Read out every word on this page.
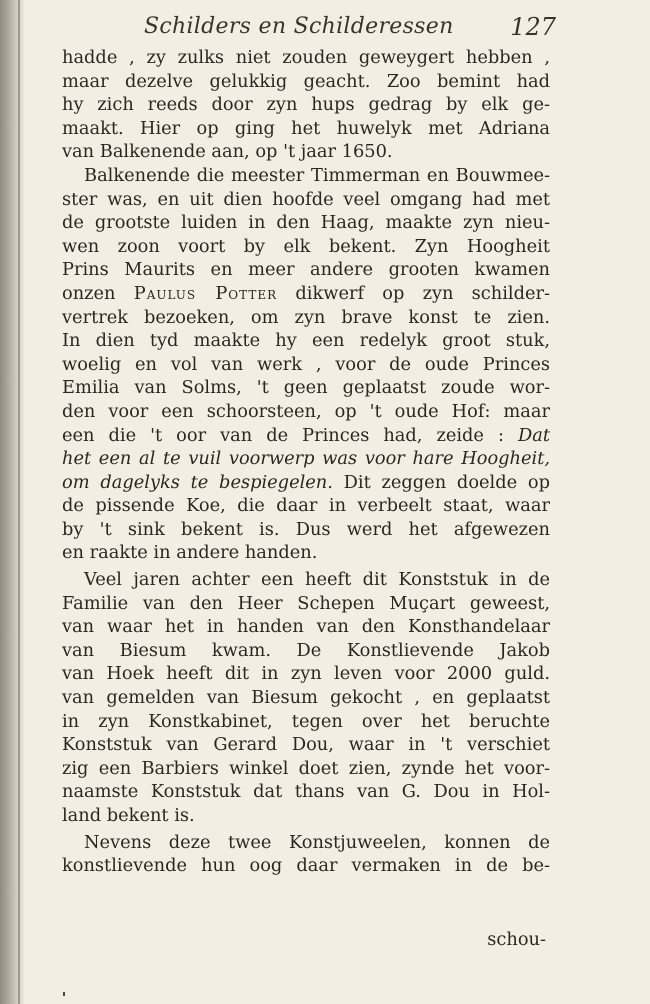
Schilders en Schilderessen 127
hadde , zy zulks niet zouden geweygert hebben ,
maar dezelve gelukkig geacht. Zoo bemint had
hy zich reeds door zyn hups gedrag by elk ge-
maakt. Hier op ging het huwelyk met Adriana
van Balkenende aan, op 't jaar 1650.
Balkenende die meester Timmerman en Bouwmee-
ster was, en uit dien hoofde veel omgang had met
de grootste luiden in den Haag, maakte zyn nieu-
wen zoon voort by elk bekent. Zyn Hoogheit
Prins Maurits en meer andere grooten kwamen
onzen Paulus Potter dikwerf op zyn schilder-
vertrek bezoeken, om zyn brave konst te zien.
In dien tyd maakte hy een redelyk groot stuk,
woelig en vol van werk , voor de oude Princes
Emilia van Solms, 't geen geplaatst zoude wor-
den voor een schoorsteen, op 't oude Hof: maar
een die 't oor van de Princes had, zeide : Dat
het een al te vuil voorwerp was voor hare Hoogheit,
om dagelyks te bespiegelen. Dit zeggen doelde op
de pissende Koe, die daar in verbeelt staat, waar
by 't sink bekent is. Dus werd het afgewezen
en raakte in andere handen.
Veel jaren achter een heeft dit Konststuk in de
Familie van den Heer Schepen Muçart geweest,
van waar het in handen van den Konsthandelaar
van Biesum kwam. De Konstlievende Jakob
van Hoek heeft dit in zyn leven voor 2000 guld.
van gemelden van Biesum gekocht , en geplaatst
in zyn Konstkabinet, tegen over het beruchte
Konststuk van Gerard Dou, waar in 't verschiet
zig een Barbiers winkel doet zien, zynde het voor-
naamste Konststuk dat thans van G. Dou in Hol-
land bekent is.
Nevens deze twee Konstjuweelen, konnen de
konstlievende hun oog daar vermaken in de be-
schou-
